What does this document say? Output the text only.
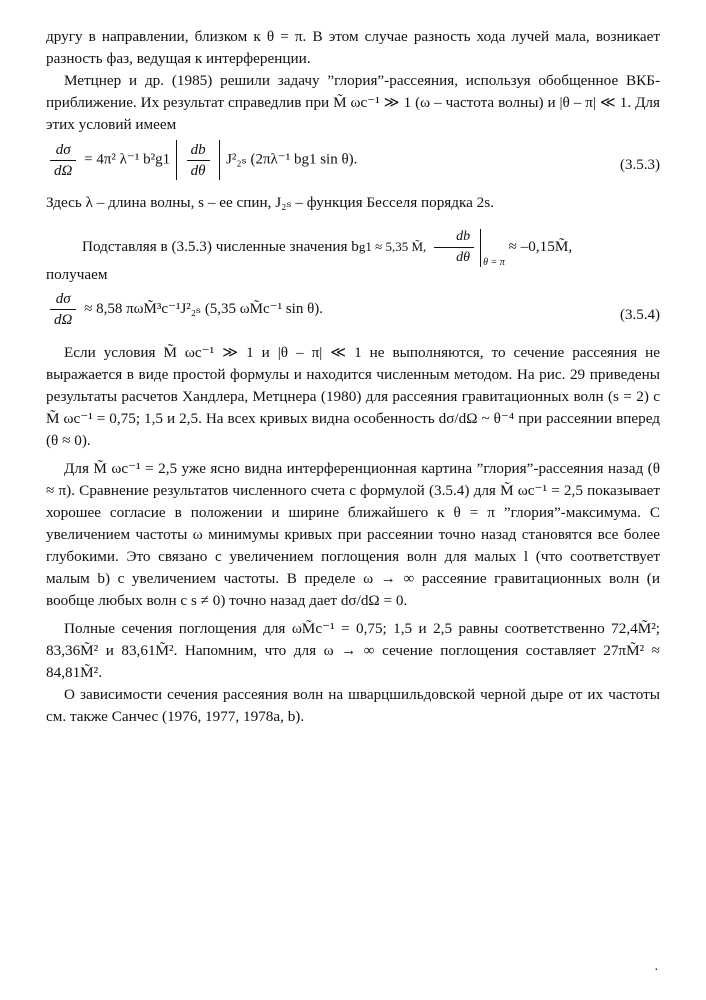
другу в направлении, близком к θ = π. В этом случае разность хода лучей мала, возникает разность фаз, ведущая к интерференции.

Метцнер и др. (1985) решили задачу ”глория”-рассеяния, используя обобщенное ВКБ-приближение. Их результат справедлив при M̃ ωc⁻¹ ≫ 1 (ω – частота волны) и |θ – π| ≪ 1. Для этих условий имеем

$\frac{d\sigma}{d\Omega} = 4\pi^2$ λ⁻¹ $b^2g1 \frac{db}{d\theta} J^2_{2s}$ (2πλ⁻¹ bg1 sin θ).	(3.5.3)

Здесь λ – длина волны, s – ее спин, J₂ₛ – функция Бесселя порядка 2s.

Подставляя в (3.5.3) численные значения bg1 ≈ 5,35 M̃, $\frac{db}{d\theta} _{\theta = \pi}$ ≈ –0,15M̃,

получаем

$\frac{d\sigma}{d\Omega} \approx 8,58$ πωM̃³c⁻¹J²₂ₛ (5,35 ωM̃c⁻¹ sin θ).	(3.5.4)

Если условия M̃ ωc⁻¹ ≫ 1 и |θ – π| ≪ 1 не выполняются, то сечение рассеяния не выражается в виде простой формулы и находится численным методом. На рис. 29 приведены результаты расчетов Хандлера, Метцнера (1980) для рассеяния гравитационных волн (s = 2) с M̃ ωc⁻¹ = 0,75; 1,5 и 2,5. На всех кривых видна особенность dσ/dΩ ~ θ⁻⁴ при рассеянии вперед (θ ≈ 0).

Для M̃ ωc⁻¹ = 2,5 уже ясно видна интерференционная картина ”глория”-рассеяния назад (θ ≈ π). Сравнение результатов численного счета с формулой (3.5.4) для M̃ ωc⁻¹ = 2,5 показывает хорошее согласие в положении и ширине ближайшего к θ = π ”глория”-максимума. С увеличением частоты ω минимумы кривых при рассеянии точно назад становятся все более глубокими. Это связано с увеличением поглощения волн для малых l (что соответствует малым b) с увеличением частоты. В пределе ω → ∞ рассеяние гравитационных волн (и вообще любых волн с s ≠ 0) точно назад дает dσ/dΩ = 0.

Полные сечения поглощения для ωM̃c⁻¹ = 0,75; 1,5 и 2,5 равны соответственно 72,4M̃²; 83,36M̃² и 83,61M̃². Напомним, что для ω → ∞ сечение поглощения составляет 27πM̃² ≈ 84,81M̃².

О зависимости сечения рассеяния волн на шварцшильдовской черной дыре от их частоты см. также Санчес (1976, 1977, 1978a, b).

·
